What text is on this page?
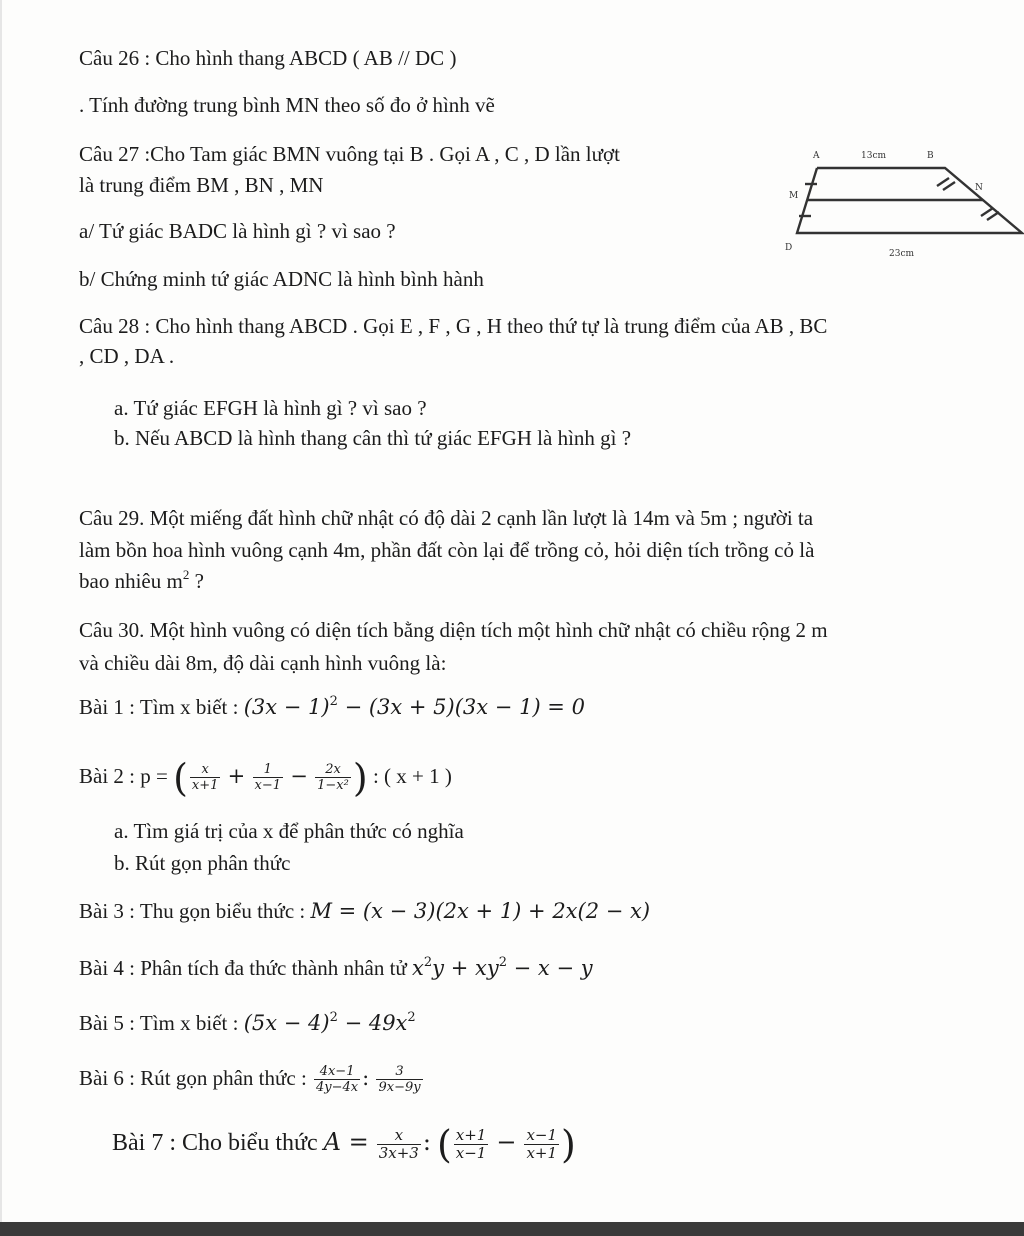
Câu 26 : Cho hình thang ABCD ( AB // DC )
. Tính đường trung bình MN theo số đo ở hình vẽ
Câu 27 :Cho Tam giác BMN vuông tại B . Gọi A , C , D lần lượt
là trung điểm BM , BN , MN
a/ Tứ giác BADC là hình gì ? vì sao ?
b/ Chứng minh tứ giác ADNC là hình bình hành
A	B
M
N
D
13cm
23cm
Câu 28 : Cho hình thang ABCD . Gọi E , F , G , H theo thứ tự là trung điểm của AB , BC
, CD , DA .
a. Tứ giác EFGH là hình gì ? vì sao ?
b. Nếu ABCD là hình thang cân thì tứ giác EFGH là hình gì ?
Câu 29. Một miếng đất hình chữ nhật có độ dài 2 cạnh lần lượt là 14m và 5m ; người ta
làm bồn hoa hình vuông cạnh 4m, phần đất còn lại để trồng cỏ, hỏi diện tích trồng cỏ là
bao nhiêu $m^2$ ?
Câu 30. Một hình vuông có diện tích bằng diện tích một hình chữ nhật có chiều rộng 2 m
và chiều dài 8m, độ dài cạnh hình vuông là:
Bài 1 : Tìm x biết : $(3x - 1)^2 - (3x + 5)(3x - 1) = 0$
Bài 2 : p = ( $\frac{x}{x+1} + \frac{1}{x-1} - \frac{2x}{\text{1−x²}}$ ) : ( x + 1 )
a. Tìm giá trị của x để phân thức có nghĩa
b. Rút gọn phân thức
Bài 3 : Thu gọn biểu thức : M = (x − 3)(2x + 1) + 2x(2 − x)
Bài 4 : Phân tích đa thức thành nhân tử $x^2y + xy^2 - x - y$
Bài 5 : Tìm x biết : $(5x - 4)^2 - 49x^2$
Bài 6 : Rút gọn phân thức : $\frac{4x-1}{4y-4x}$ : $\frac{3}{9x-9y}$
Bài 7 : Cho biểu thức $A = \frac{x}{3x+3}$ : ( $\frac{x+1}{x-1} - \frac{x-1}{x+1}$ )
